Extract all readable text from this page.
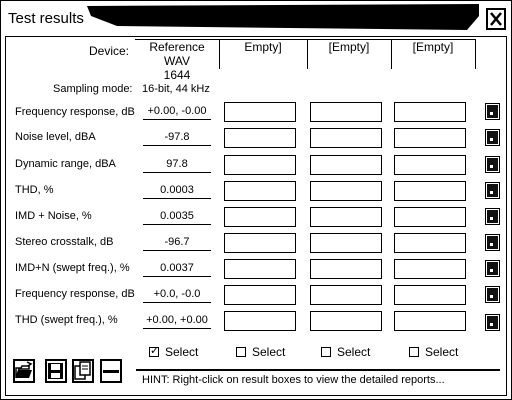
Test results
Device:	Reference WAV
1644
Empty]	[Empty]	[Empty]
Sampling mode: 16-bit, 44 kHz
Frequency response, dB	+0.00, -0.00
Noise level, dBA	-97.8
Dynamic range, dBA	97.8
THD, %	0.0003
IMD + Noise, %	0.0035
Stereo crosstalk, dB	-96.7
IMD+N (swept freq.), %	0.0037
Frequency response, dB	+0.0, -0.0
THD (swept freq.), %	+0.00, +0.00
✓
Select	Select	Select	Select
HINT: Right-click on result boxes to view the detailed reports...
